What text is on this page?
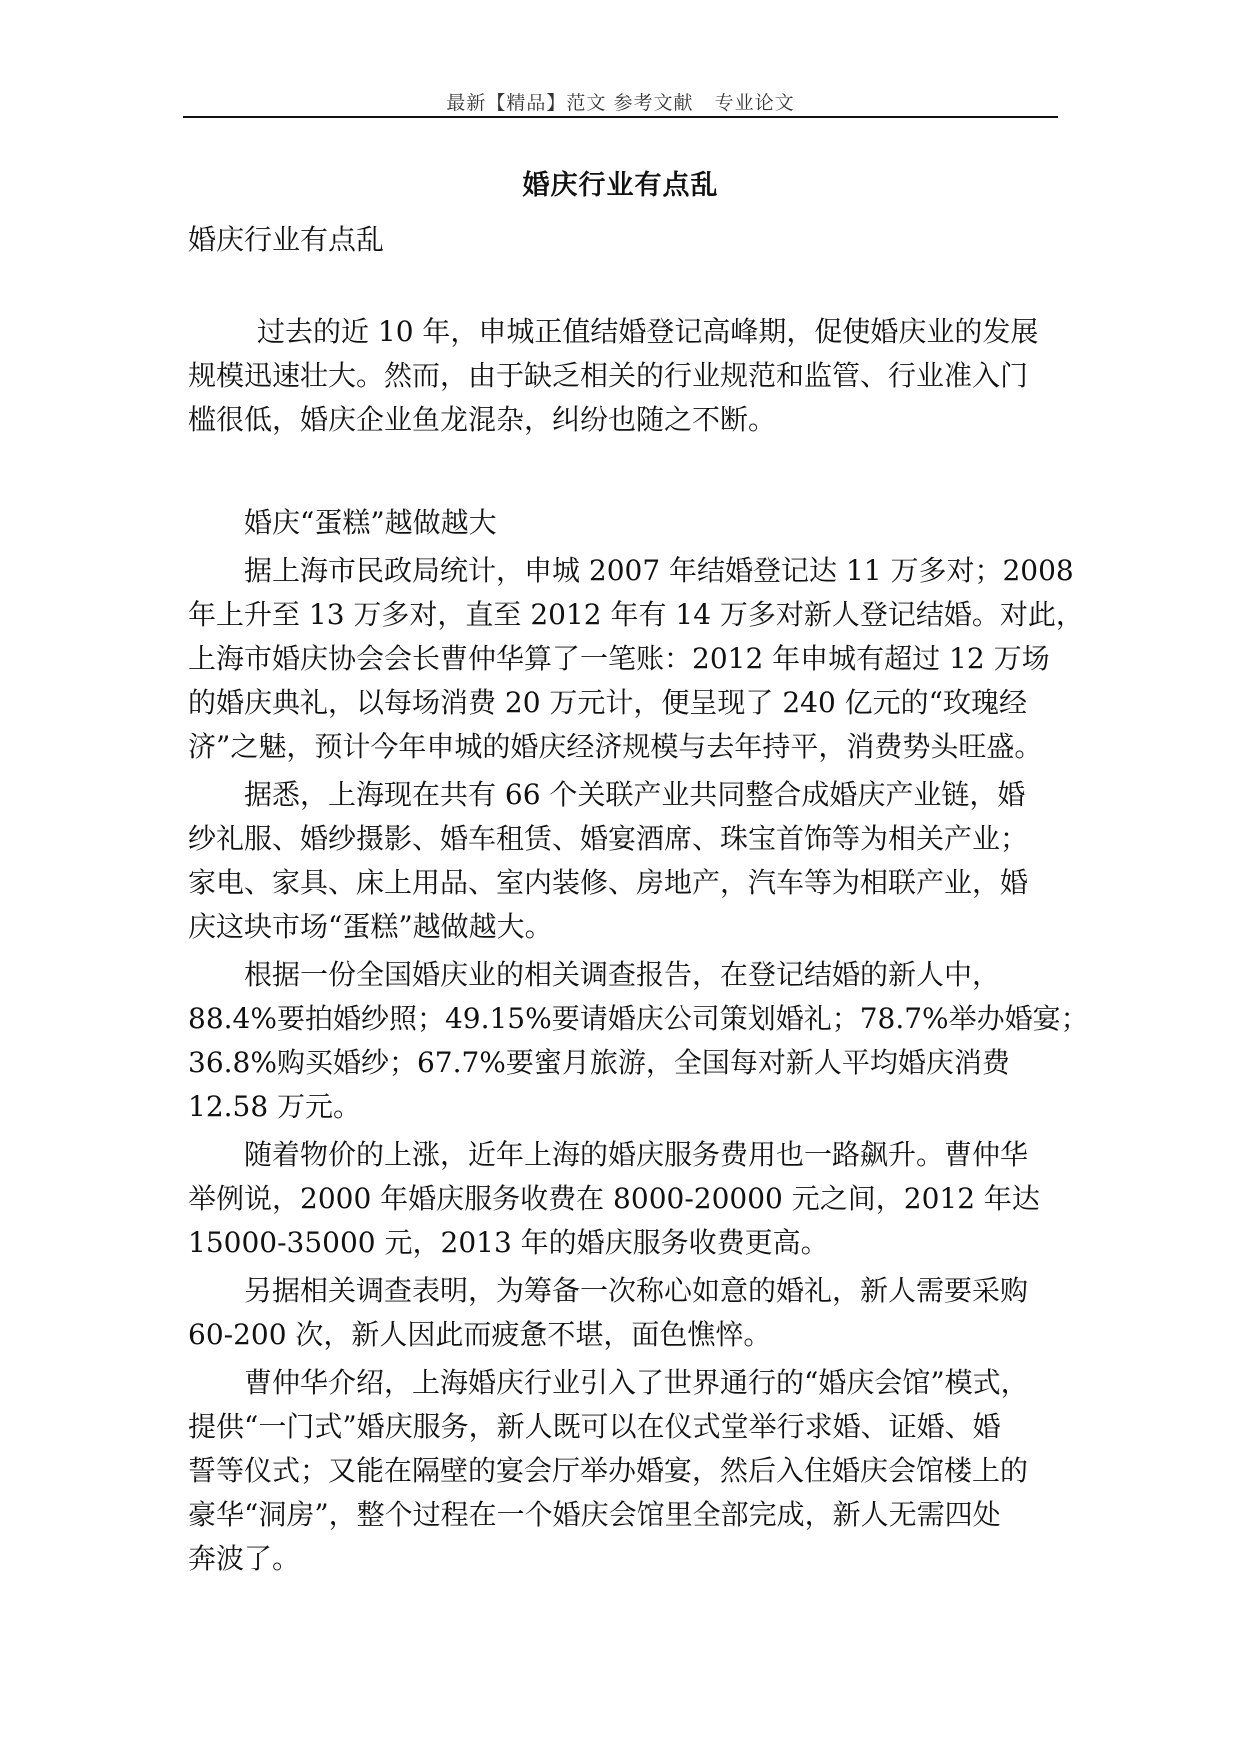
最新【精品】范文 参考文献   专业论文
婚庆行业有点乱
婚庆行业有点乱
过去的近 10 年，申城正值结婚登记高峰期，促使婚庆业的发展
规模迅速壮大。然而，由于缺乏相关的行业规范和监管、行业准入门
槛很低，婚庆企业鱼龙混杂，纠纷也随之不断。
婚庆“蛋糕”越做越大
据上海市民政局统计，申城 2007 年结婚登记达 11 万多对；2008
年上升至 13 万多对，直至 2012 年有 14 万多对新人登记结婚。对此，
上海市婚庆协会会长曹仲华算了一笔账：2012 年申城有超过 12 万场
的婚庆典礼，以每场消费 20 万元计，便呈现了 240 亿元的“玫瑰经
济”之魅，预计今年申城的婚庆经济规模与去年持平，消费势头旺盛。
据悉，上海现在共有 66 个关联产业共同整合成婚庆产业链，婚
纱礼服、婚纱摄影、婚车租赁、婚宴酒席、珠宝首饰等为相关产业；
家电、家具、床上用品、室内装修、房地产，汽车等为相联产业，婚
庆这块市场“蛋糕”越做越大。
根据一份全国婚庆业的相关调查报告，在登记结婚的新人中，
88.4%要拍婚纱照；49.15%要请婚庆公司策划婚礼；78.7%举办婚宴；
36.8%购买婚纱；67.7%要蜜月旅游，全国每对新人平均婚庆消费
12.58 万元。
随着物价的上涨，近年上海的婚庆服务费用也一路飙升。曹仲华
举例说，2000 年婚庆服务收费在 8000-20000 元之间，2012 年达
15000-35000 元，2013 年的婚庆服务收费更高。
另据相关调查表明，为筹备一次称心如意的婚礼，新人需要采购
60-200 次，新人因此而疲惫不堪，面色憔悴。
曹仲华介绍，上海婚庆行业引入了世界通行的“婚庆会馆”模式，
提供“一门式”婚庆服务，新人既可以在仪式堂举行求婚、证婚、婚
誓等仪式；又能在隔壁的宴会厅举办婚宴，然后入住婚庆会馆楼上的
豪华“洞房”，整个过程在一个婚庆会馆里全部完成，新人无需四处
奔波了。
